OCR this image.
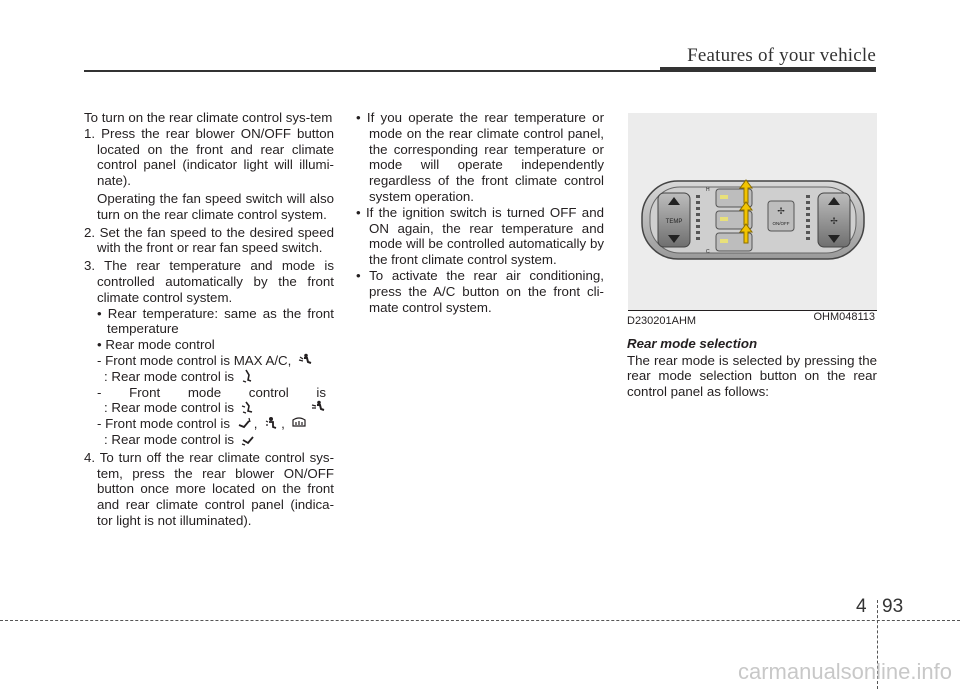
Features of your vehicle

To turn on the rear climate control sys-tem

1. Press the rear blower ON/OFF button located on the front and rear climate control panel (indicator light will illumi-nate).

Operating the fan speed switch will also turn on the rear climate control system.

2. Set the fan speed to the desired speed with the front or rear fan speed switch.

3. The rear temperature and mode is controlled automatically by the front climate control system.

• Rear temperature: same as the front temperature

• Rear mode control

- Front mode control is MAX A/C,

: Rear mode control is

- Front mode control is

: Rear mode control is

- Front mode control is , ,

: Rear mode control is

4. To turn off the rear climate control sys-tem, press the rear blower ON/OFF button once more located on the front and rear climate control panel (indica-tor light is not illuminated).

• If you operate the rear temperature or mode on the rear climate control panel, the corresponding rear temperature or mode will operate independently regardless of the front climate control system operation.

• If the ignition switch is turned OFF and ON again, the rear temperature and mode will be controlled automatically by the front climate control system.

• To activate the rear air conditioning, press the A/C button on the front cli-mate control system.

TEMP
H
C
✢
ON/OFF	✢
OHM048113

D230201AHM

Rear mode selection

The rear mode is selected by pressing the rear mode selection button on the rear control panel as follows:

4 93
carmanualsonline.info
